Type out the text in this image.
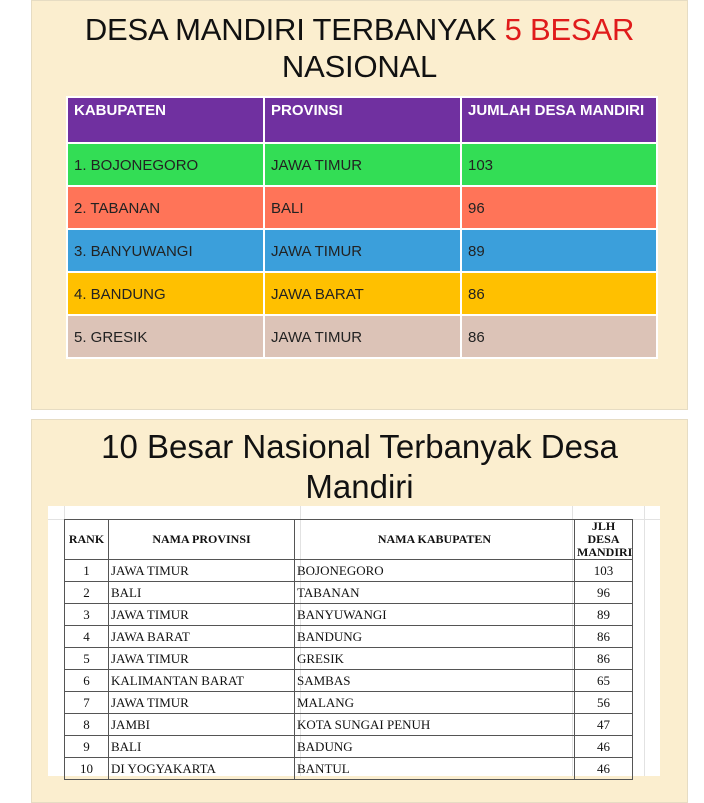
DESA MANDIRI TERBANYAK 5 BESAR
NASIONAL
KABUPATEN	PROVINSI	JUMLAH DESA MANDIRI
1. BOJONEGORO	JAWA TIMUR	103
2. TABANAN	BALI	96
3. BANYUWANGI	JAWA TIMUR	89
4. BANDUNG	JAWA BARAT	86
5. GRESIK	JAWA TIMUR	86
10 Besar Nasional Terbanyak Desa
Mandiri
RANK	NAMA PROVINSI	NAMA KABUPATEN	JLH DESA
MANDIRI
1	JAWA TIMUR	BOJONEGORO	103
2	BALI	TABANAN	96
3	JAWA TIMUR	BANYUWANGI	89
4	JAWA BARAT	BANDUNG	86
5	JAWA TIMUR	GRESIK	86
6	KALIMANTAN BARAT	SAMBAS	65
7	JAWA TIMUR	MALANG	56
8	JAMBI	KOTA SUNGAI PENUH	47
9	BALI	BADUNG	46
10	DI YOGYAKARTA	BANTUL	46
